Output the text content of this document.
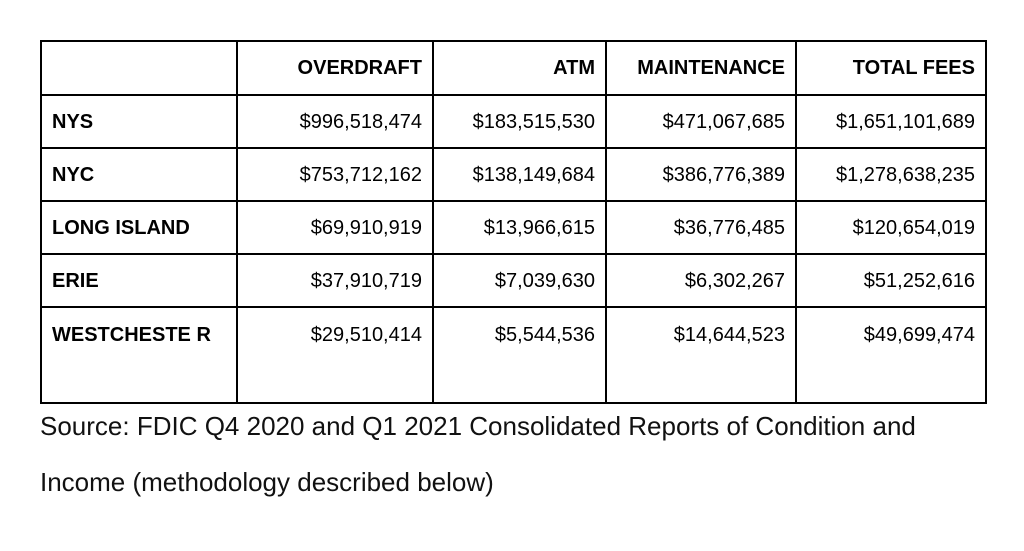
	OVERDRAFT	ATM	MAINTENANCE	TOTAL FEES
NYS	$996,518,474	$183,515,530	$471,067,685	$1,651,101,689
NYC	$753,712,162	$138,149,684	$386,776,389	$1,278,638,235
LONG ISLAND	$69,910,919	$13,966,615	$36,776,485	$120,654,019
ERIE	$37,910,719	$7,039,630	$6,302,267	$51,252,616
WESTCHESTE R	$29,510,414	$5,544,536	$14,644,523	$49,699,474
Source: FDIC Q4 2020 and Q1 2021 Consolidated Reports of Condition and Income (methodology described below)
